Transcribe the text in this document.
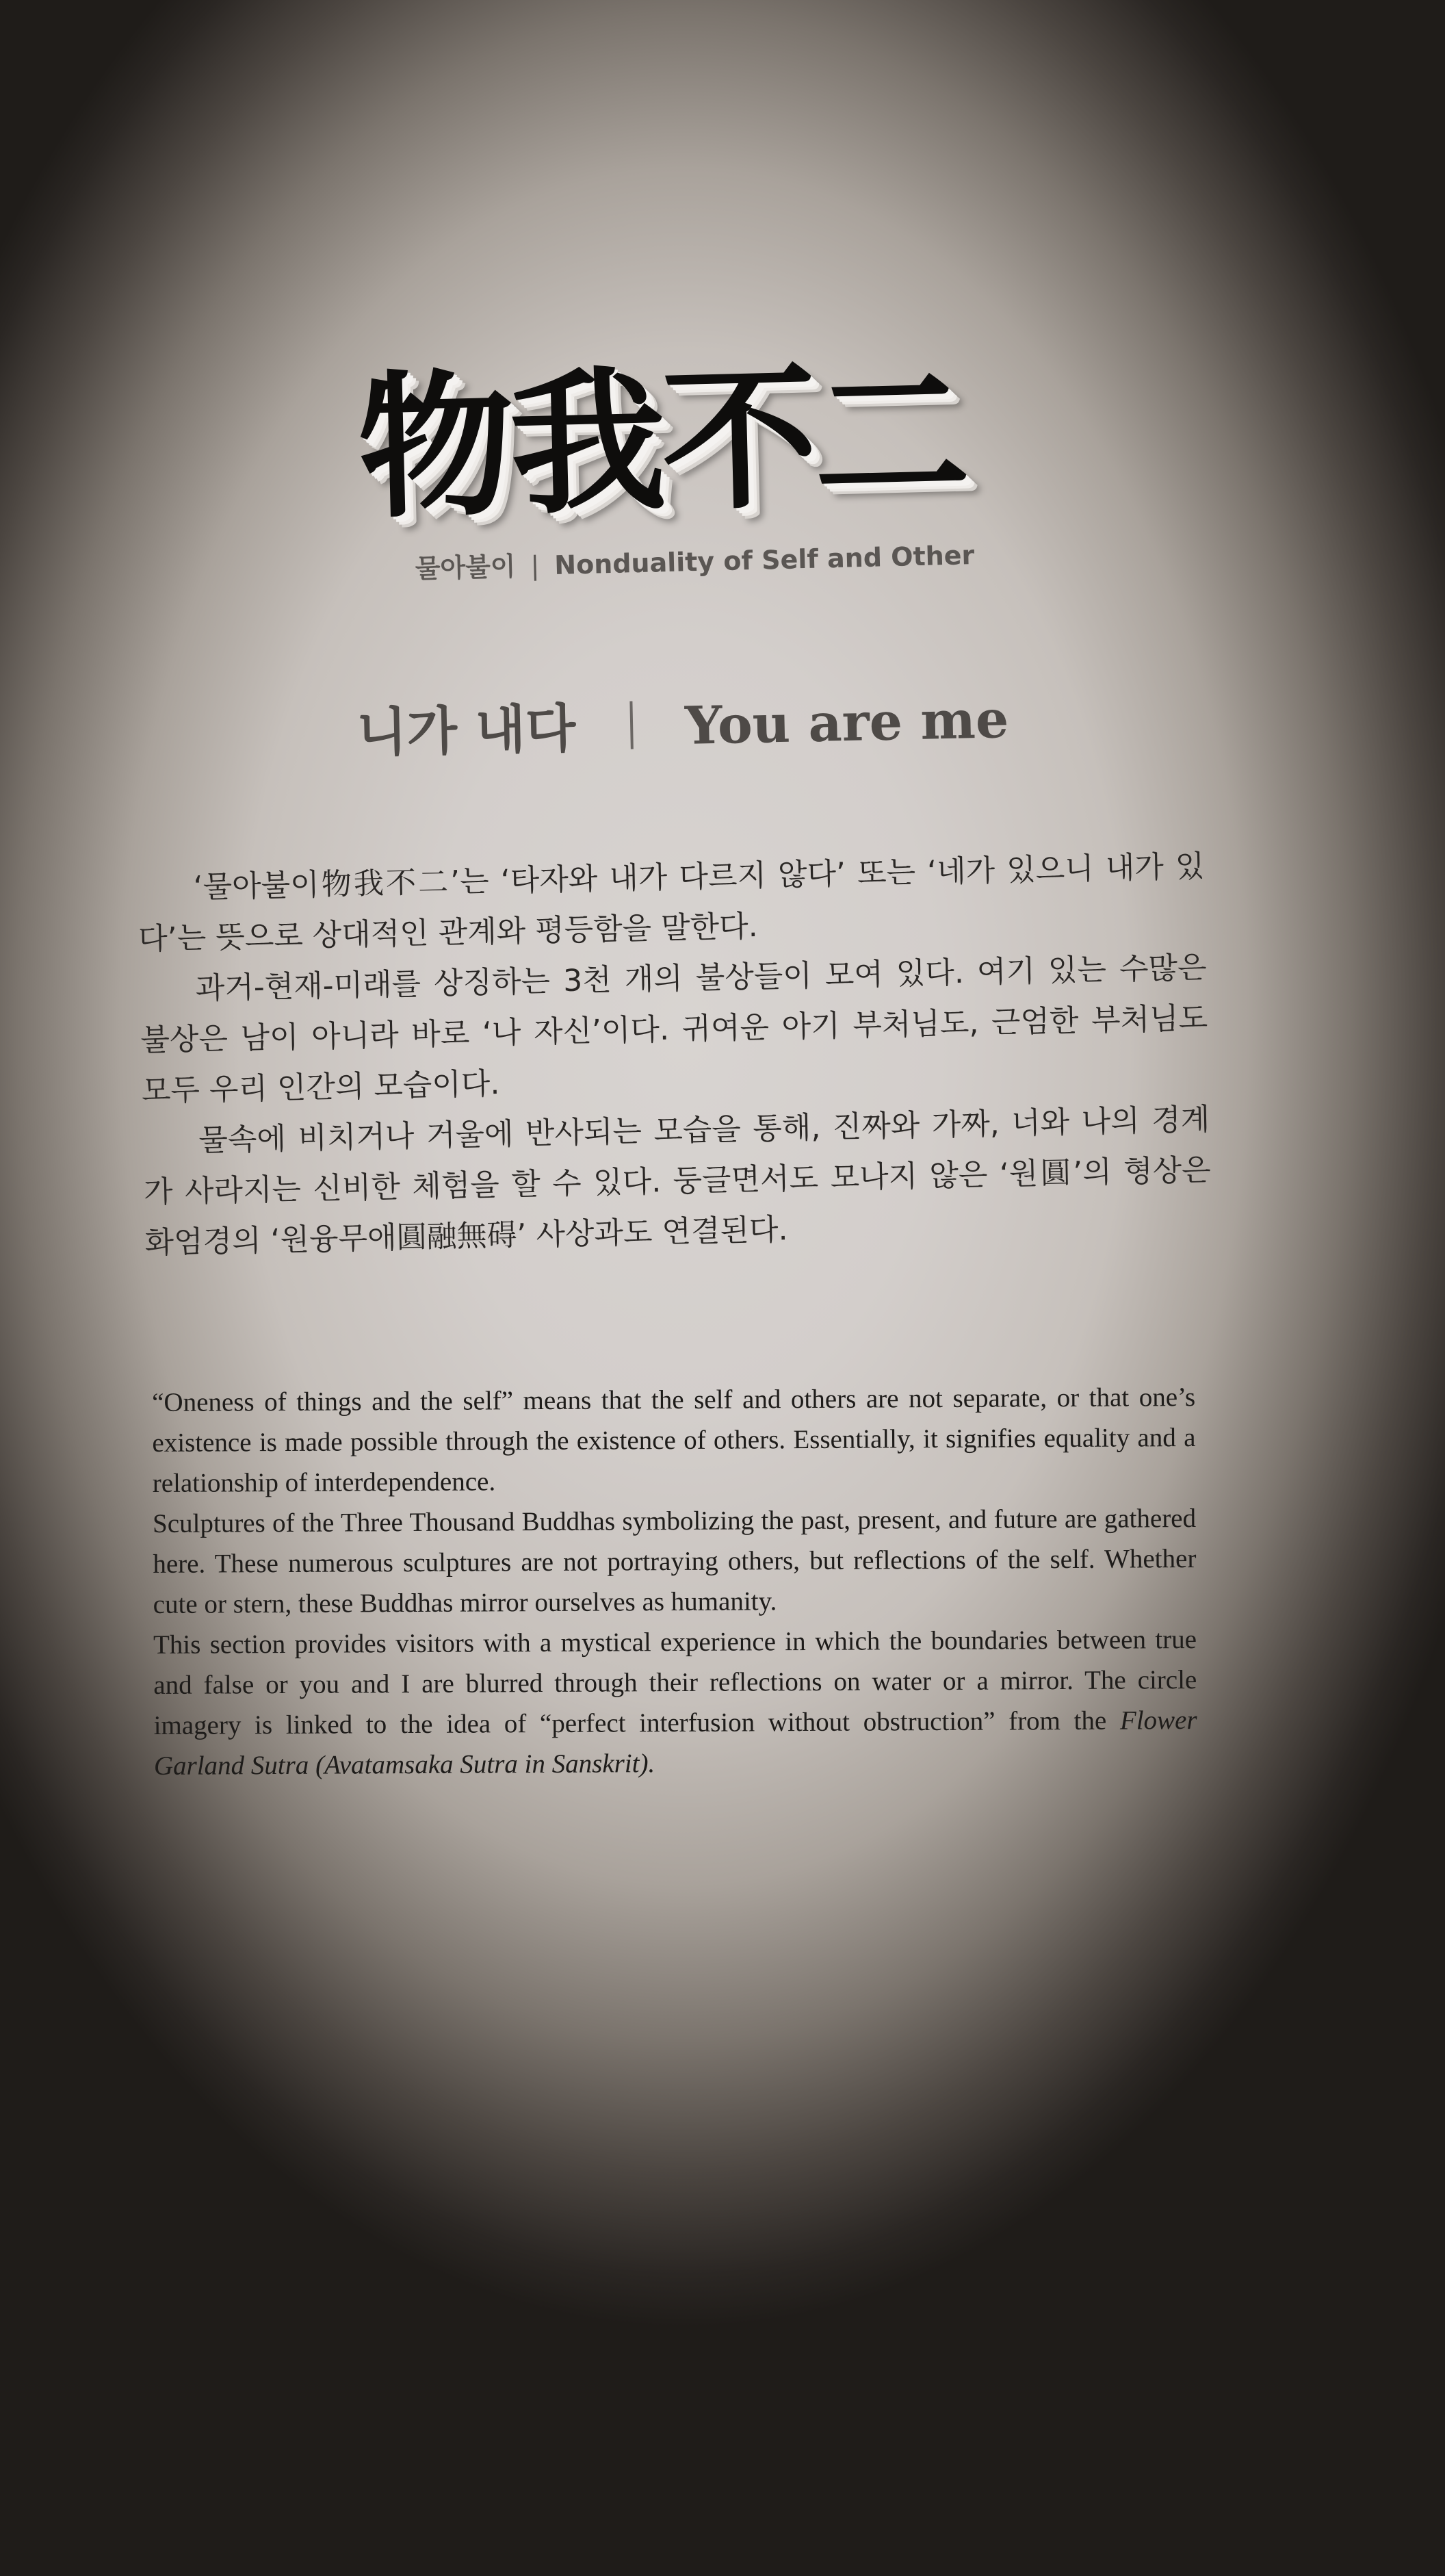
物我不二
물아불이 | Nonduality of Self and Other
니가 내다 You are me

‘물아불이物我不二’는 ‘타자와 내가 다르지 않다’ 또는 ‘네가 있으니 내가 있다’는 뜻으로 상대적인 관계와 평등함을 말한다.

과거-현재-미래를 상징하는 3천 개의 불상들이 모여 있다. 여기 있는 수많은 불상은 남이 아니라 바로 ‘나 자신’이다. 귀여운 아기 부처님도, 근엄한 부처님도 모두 우리 인간의 모습이다.

물속에 비치거나 거울에 반사되는 모습을 통해, 진짜와 가짜, 너와 나의 경계가 사라지는 신비한 체험을 할 수 있다. 둥글면서도 모나지 않은 ‘원圓’의 형상은 화엄경의 ‘원융무애圓融無碍’ 사상과도 연결된다.

“Oneness of things and the self” means that the self and others are not separate, or that one’s existence is made possible through the existence of others. Essentially, it signifies equality and a relationship of interdependence.

Sculptures of the Three Thousand Buddhas symbolizing the past, present, and future are gathered here. These numerous sculptures are not portraying others, but reflections of the self. Whether cute or stern, these Buddhas mirror ourselves as humanity.

This section provides visitors with a mystical experience in which the boundaries between true and false or you and I are blurred through their reflections on water or a mirror. The circle imagery is linked to the idea of “perfect interfusion without obstruction” from the Flower Garland Sutra (Avatamsaka Sutra in Sanskrit).
